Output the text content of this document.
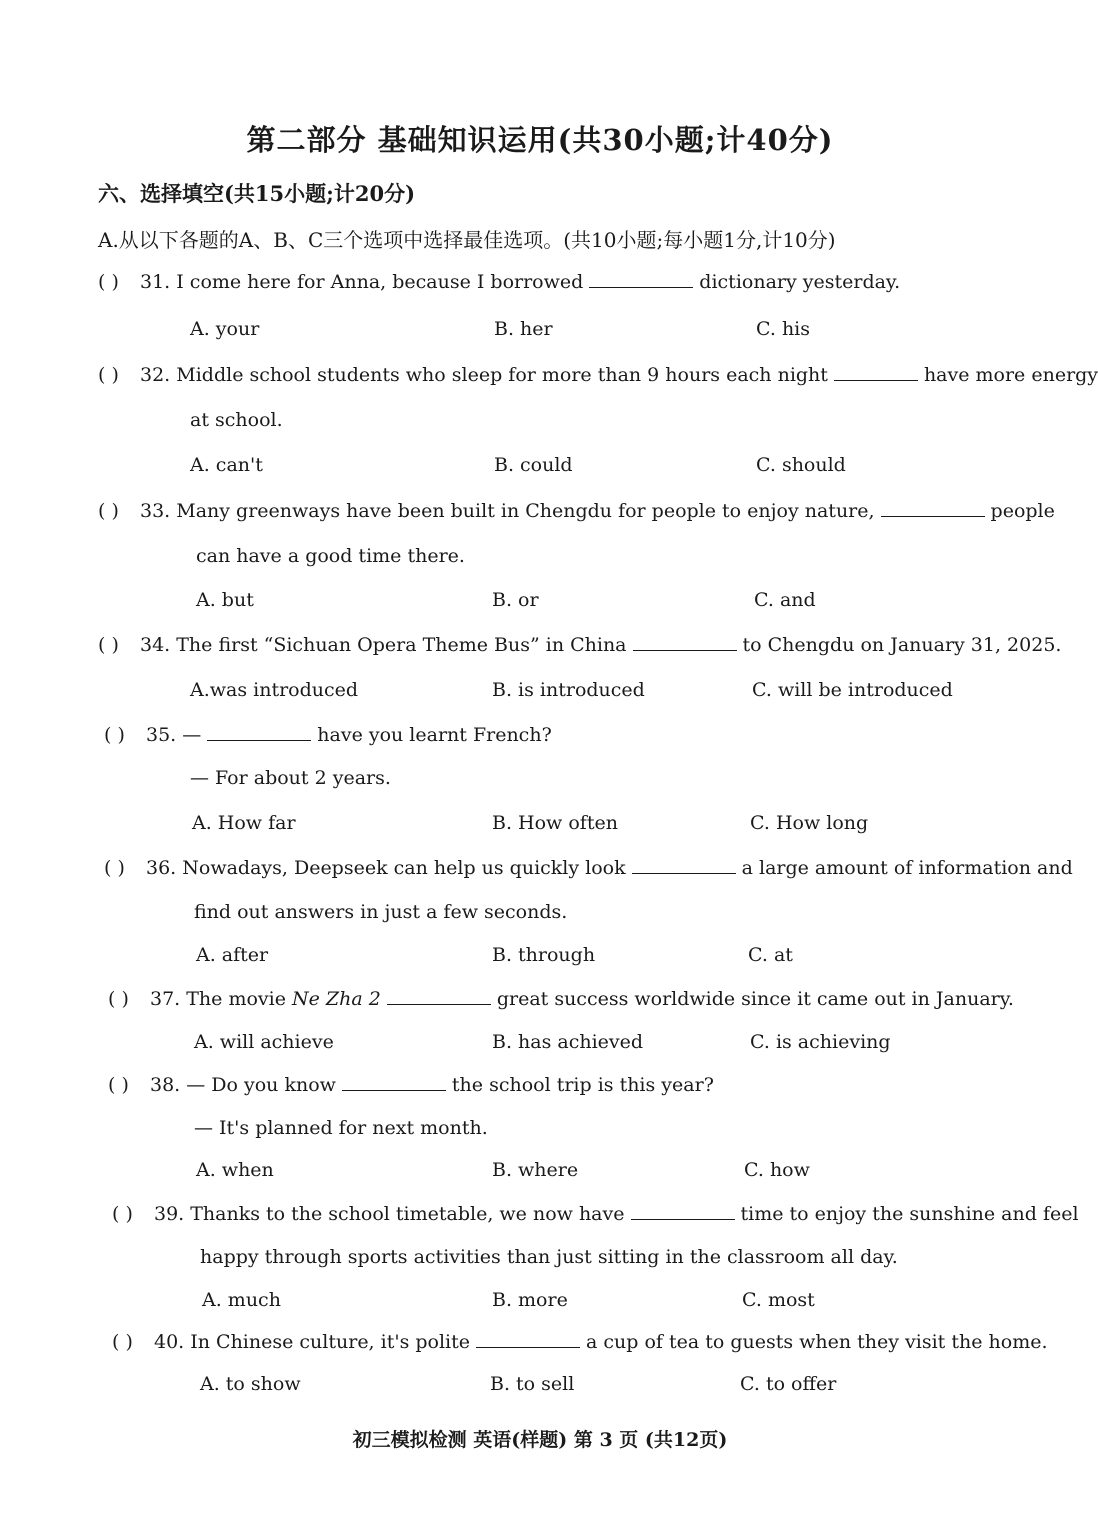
第二部分 基础知识运用(共30小题;计40分)
六、选择填空(共15小题;计20分)
A.从以下各题的A、B、C三个选项中选择最佳选项。(共10小题;每小题1分,计10分)
( ) 31. I come here for Anna, because I borrowed	dictionary yesterday.
A. your	B. her	C. his
( ) 32. Middle school students who sleep for more than 9 hours each night	have more energy
at school.
A. can't	B. could	C. should
( ) 33. Many greenways have been built in Chengdu for people to enjoy nature,	people
can have a good time there.
A. but	B. or	C. and
( ) 34. The first “Sichuan Opera Theme Bus” in China	to Chengdu on January 31, 2025.
A.was introduced	B. is introduced	C. will be introduced
( ) 35. —	have you learnt French?
— For about 2 years.
A. How far	B. How often	C. How long
( ) 36. Nowadays, Deepseek can help us quickly look	a large amount of information and
find out answers in just a few seconds.
A. after	B. through	C. at
( ) 37. The movie Ne Zha 2	great success worldwide since it came out in January.
A. will achieve	B. has achieved	C. is achieving
( ) 38. — Do you know	the school trip is this year?
— It's planned for next month.
A. when	B. where	C. how
( ) 39. Thanks to the school timetable, we now have	time to enjoy the sunshine and feel
happy through sports activities than just sitting in the classroom all day.
A. much	B. more	C. most
( ) 40. In Chinese culture, it's polite	a cup of tea to guests when they visit the home.
A. to show	B. to sell	C. to offer
初三模拟检测 英语(样题) 第 3 页 (共12页)
